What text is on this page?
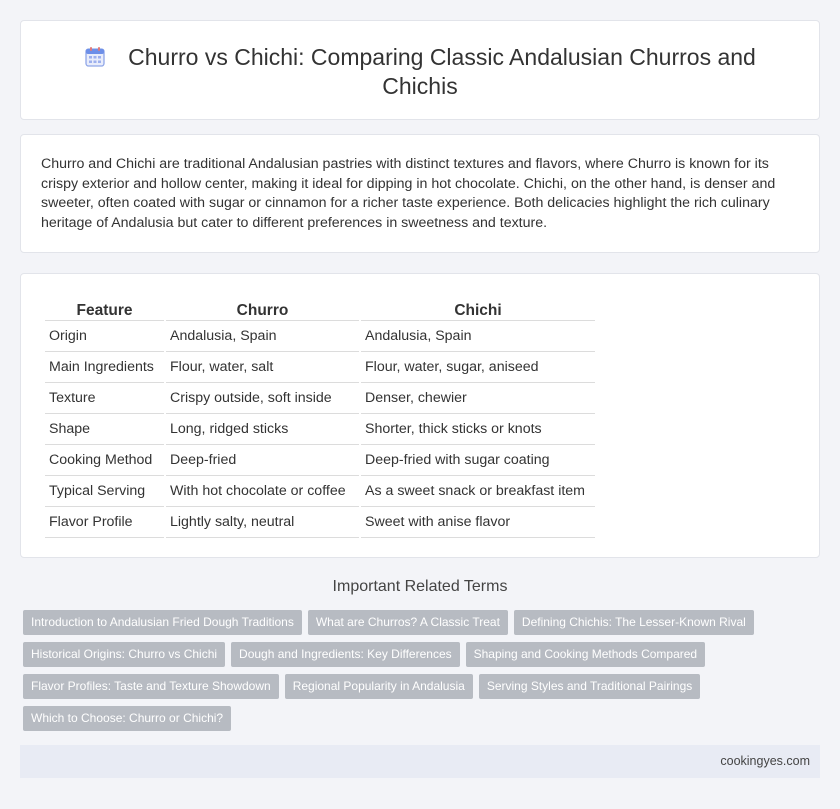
Churro vs Chichi: Comparing Classic Andalusian Churros and Chichis
Churro and Chichi are traditional Andalusian pastries with distinct textures and flavors, where Churro is known for its crispy exterior and hollow center, making it ideal for dipping in hot chocolate. Chichi, on the other hand, is denser and sweeter, often coated with sugar or cinnamon for a richer taste experience. Both delicacies highlight the rich culinary heritage of Andalusia but cater to different preferences in sweetness and texture.
Feature	Churro	Chichi
Origin	Andalusia, Spain	Andalusia, Spain
Main Ingredients	Flour, water, salt	Flour, water, sugar, aniseed
Texture	Crispy outside, soft inside	Denser, chewier
Shape	Long, ridged sticks	Shorter, thick sticks or knots
Cooking Method	Deep-fried	Deep-fried with sugar coating
Typical Serving	With hot chocolate or coffee	As a sweet snack or breakfast item
Flavor Profile	Lightly salty, neutral	Sweet with anise flavor
Important Related Terms
Introduction to Andalusian Fried Dough Traditions What are Churros? A Classic Treat Defining Chichis: The Lesser-Known Rival
Historical Origins: Churro vs Chichi Dough and Ingredients: Key Differences Shaping and Cooking Methods Compared
Flavor Profiles: Taste and Texture Showdown Regional Popularity in Andalusia Serving Styles and Traditional Pairings
Which to Choose: Churro or Chichi?
cookingyes.com
